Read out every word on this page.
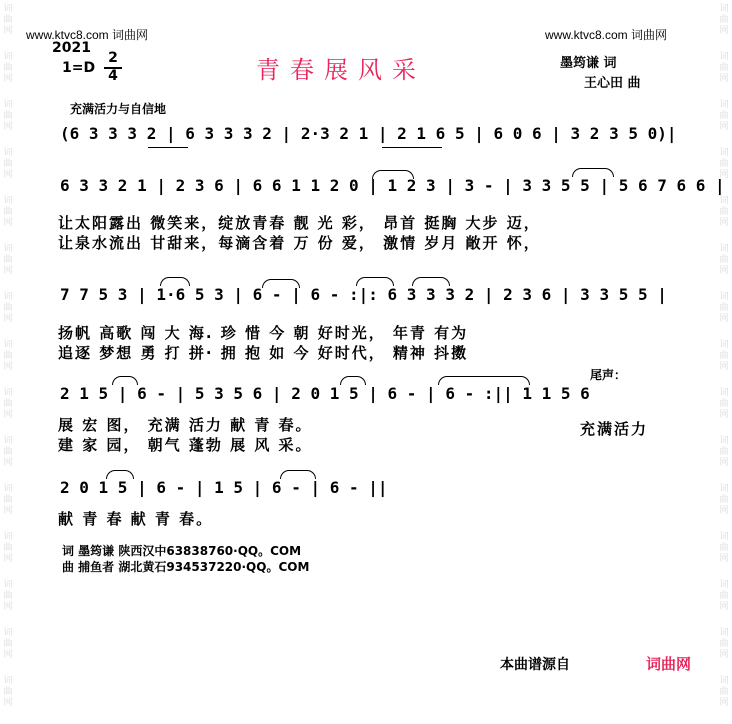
词
曲
网
词
曲
网
词
曲
网
词
曲
网
词
曲
网
词
曲
网
词
曲
网
词
曲
网
词
曲
网
词
曲
网
词
曲
网
词
曲
网
词
曲
网
词
曲
网
词
曲
网
词
曲
网
词
曲
网
词
曲
网
词
曲
网
词
曲
网
词
曲
网
词
曲
网
词
曲
网
词
曲
网
词
曲
网
词
曲
网
词
曲
网
词
曲
网
词
曲
网
词
曲
网
www.ktvc8.com 词曲网	www.ktvc8.com 词曲网
2021
1=D
2
4	青春展风采	墨筠谦 词
王心田 曲
充满活力与自信地
(6 3 3 3 2 | 6 3 3 3 2 | 2·3 2 1 | 2 1 6 5 | 6 0 6 | 3 2 3 5 0)|
6 3 3 2 1 | 2 3 6 | 6 6 1 1 2 0 | 1 2 3 | 3 - | 3 3 5 5 | 5 6 7 6 6 |
让太阳露出 微笑来，绽放青春 靓 光 彩， 昂首 挺胸 大步 迈，
让泉水流出 甘甜来，每滴含着 万 份 爱， 激情 岁月 敞开 怀，
7 7 5 3 | 1·6 5 3 | 6 - | 6 - :|: 6 3 3 3 2 | 2 3 6 | 3 3 5 5 |
扬帆 高歌 闯 大 海. 珍 惜 今 朝 好时光， 年青 有为
追逐 梦想 勇 打 拼· 拥 抱 如 今 好时代， 精神 抖擞
2 1 5 | 6 - | 5 3 5 6 | 2 0 1 5 | 6 - | 6 - :|| 1 1 5 6
尾声：
展 宏 图， 充满 活力 献 青 春。
建 家 园， 朝气 蓬勃 展 风 采。
充满活力
2 0 1 5 | 6 - | 1 5 | 6 - | 6 - ||
献 青 春 献 青 春。
词 墨筠谦 陕西汉中63838760·QQ。COM
曲 捕鱼者 湖北黄石934537220·QQ。COM
本曲谱源自	词曲网
